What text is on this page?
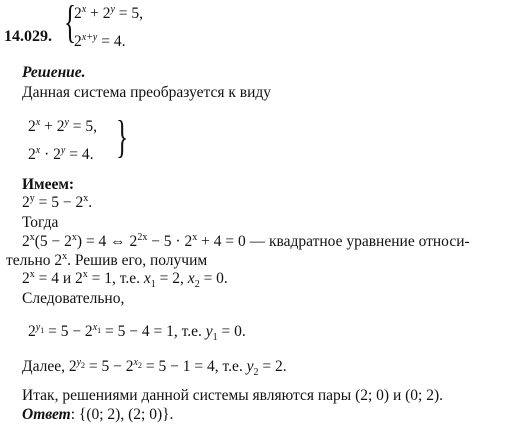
14.029. {
$2^x + 2^y = 5$,
$2^{x+y} = 4$.
Решение.
Данная система преобразуется к виду
$2^x + 2^y = 5$,
$2^x \cdot 2^y = 4$. }
Имеем:
$2^y = 5 - 2^x$.
Тогда
$2^x(5 - 2^x) = 4$ ⇔ $2^{2x} - 5 \cdot 2^x + 4 = 0$ — квадратное уравнение относи-
тельно 2$^x$. Решив его, получим
$2^x = 4$ и $2^x = 1$, т.е. $x_1 = 2$, $x_2 = 0$.
Следовательно,
$2^{y_1} = 5 - 2^{x_1} = 5 - 4 = 1$, т.е. $y_1 = 0$.
Далее, $2^{y_2} = 5 - 2^{x_2} = 5 - 1 = 4$, т.е. $y_2 = 2$.
Итак, решениями данной системы являются пары (2; 0) и (0; 2).
Ответ: {(0; 2), (2; 0)}.
